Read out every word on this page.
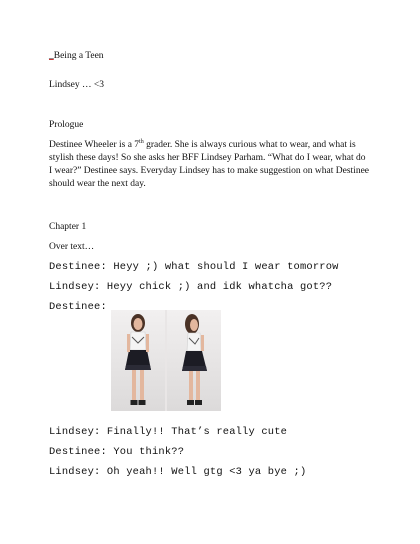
_Being a Teen
Lindsey … <3
Prologue
Destinee Wheeler is a 7th grader. She is always curious what to wear, and what is stylish these days! So she asks her BFF Lindsey Parham. “What do I wear, what do I wear?” Destinee says. Everyday Lindsey has to make suggestion on what Destinee should wear the next day.
Chapter 1
Over text…
Destinee: Heyy ;) what should I wear tomorrow
Lindsey: Heyy chick ;) and idk whatcha got??
Destinee:
Lindsey: Finally!! That’s really cute
Destinee: You think??
Lindsey: Oh yeah!! Well gtg <3 ya bye ;)
